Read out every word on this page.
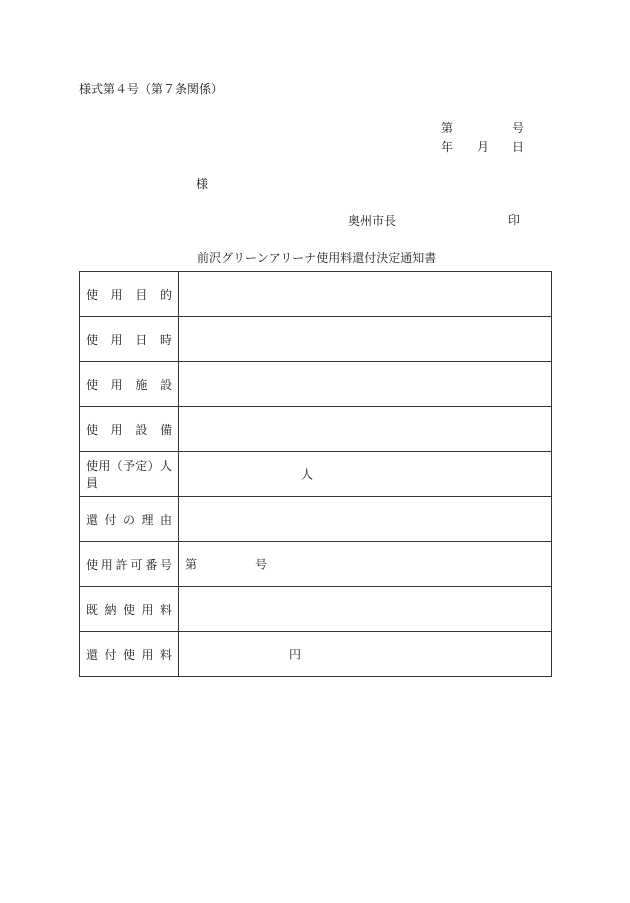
様式第４号（第７条関係）
第	号
年 月 日
様
奥州市長	印
前沢グリーンアリーナ使用料還付決定通知書
使用目的	
使用日時	
使用施設	
使用設備	
使用（予定）人員	人

還付の理由	
使用許可番号	第 号

既納使用料	
還付使用料	円
